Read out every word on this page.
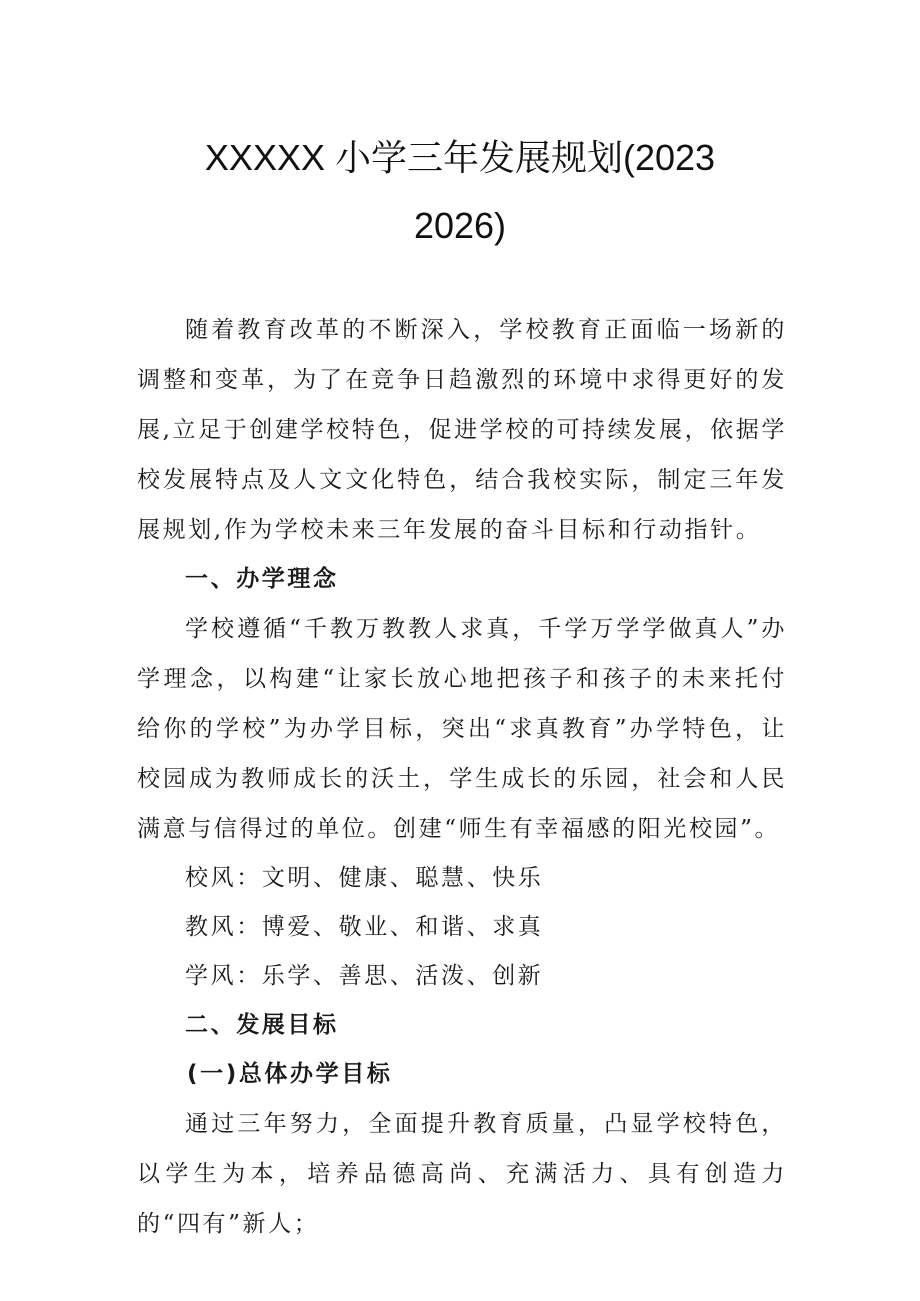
XXXXX 小学三年发展规划(2023
2026)

随着教育改革的不断深入，学校教育正面临一场新的调整和变革，为了在竞争日趋激烈的环境中求得更好的发展,立足于创建学校特色，促进学校的可持续发展，依据学校发展特点及人文文化特色，结合我校实际，制定三年发展规划,作为学校未来三年发展的奋斗目标和行动指针。

一、办学理念

学校遵循“千教万教教人求真，千学万学学做真人”办学理念，以构建“让家长放心地把孩子和孩子的未来托付给你的学校”为办学目标，突出“求真教育”办学特色，让校园成为教师成长的沃土，学生成长的乐园，社会和人民满意与信得过的单位。创建“师生有幸福感的阳光校园”。

校风：文明、健康、聪慧、快乐

教风：博爱、敬业、和谐、求真

学风：乐学、善思、活泼、创新

二、发展目标

(一)总体办学目标

通过三年努力，全面提升教育质量，凸显学校特色，以学生为本，培养品德高尚、充满活力、具有创造力的“四有”新人；
